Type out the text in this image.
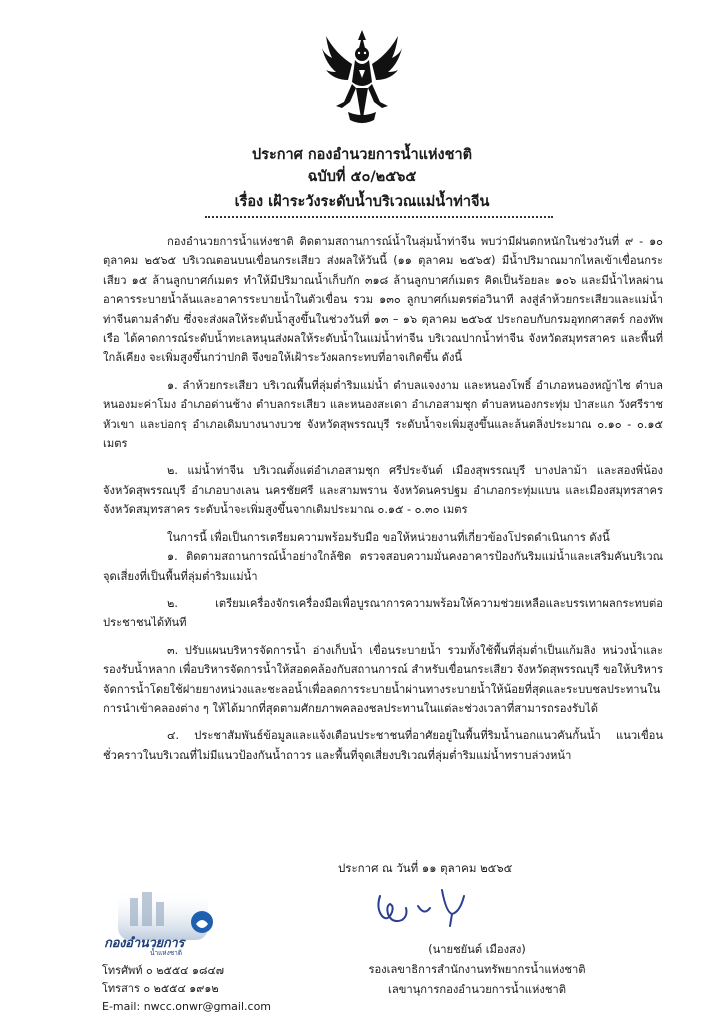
ประกาศ กองอำนวยการน้ำแห่งชาติ
ฉบับที่ ๕๐/๒๕๖๕
เรื่อง เฝ้าระวังระดับน้ำบริเวณแม่น้ำท่าจีน

กองอำนวยการน้ำแห่งชาติ ติดตามสถานการณ์น้ำในลุ่มน้ำท่าจีน พบว่ามีฝนตกหนักในช่วงวันที่ ๙ - ๑๐ ตุลาคม ๒๕๖๕ บริเวณตอนบนเขื่อนกระเสียว ส่งผลให้วันนี้ (๑๑ ตุลาคม ๒๕๖๕) มีน้ำปริมาณมากไหลเข้าเขื่อนกระเสียว ๑๕ ล้านลูกบาศก์เมตร ทำให้มีปริมาณน้ำเก็บกัก ๓๑๘ ล้านลูกบาศก์เมตร คิดเป็นร้อยละ ๑๐๖ และมีน้ำไหลผ่านอาคารระบายน้ำล้นและอาคารระบายน้ำในตัวเขื่อน รวม ๑๓๐ ลูกบาศก์เมตรต่อวินาที ลงสู่ลำห้วยกระเสียวและแม่น้ำท่าจีนตามลำดับ ซึ่งจะส่งผลให้ระดับน้ำสูงขึ้นในช่วงวันที่ ๑๓ – ๑๖ ตุลาคม ๒๕๖๕ ประกอบกับกรมอุทกศาสตร์ กองทัพเรือ ได้คาดการณ์ระดับน้ำทะเลหนุนส่งผลให้ระดับน้ำในแม่น้ำท่าจีน บริเวณปากน้ำท่าจีน จังหวัดสมุทรสาคร และพื้นที่ใกล้เคียง จะเพิ่มสูงขึ้นกว่าปกติ จึงขอให้เฝ้าระวังผลกระทบที่อาจเกิดขึ้น ดังนี้

๑. ลำห้วยกระเสียว บริเวณพื้นที่ลุ่มต่ำริมแม่น้ำ ตำบลแจงงาม และหนองโพธิ์ อำเภอหนองหญ้าไซ ตำบลหนองมะค่าโมง อำเภอด่านช้าง ตำบลกระเสียว และหนองสะเดา อำเภอสามชุก ตำบลหนองกระทุ่ม ป่าสะแก วังศรีราช หัวเขา และบ่อกรุ อำเภอเดิมบางนางบวช จังหวัดสุพรรณบุรี ระดับน้ำจะเพิ่มสูงขึ้นและล้นตลิ่งประมาณ ๐.๑๐ - ๐.๑๕ เมตร

๒. แม่น้ำท่าจีน บริเวณตั้งแต่อำเภอสามชุก ศรีประจันต์ เมืองสุพรรณบุรี บางปลาม้า และสองพี่น้อง จังหวัดสุพรรณบุรี อำเภอบางเลน นครชัยศรี และสามพราน จังหวัดนครปฐม อำเภอกระทุ่มแบน และเมืองสมุทรสาคร จังหวัดสมุทรสาคร ระดับน้ำจะเพิ่มสูงขึ้นจากเดิมประมาณ ๐.๑๕ - ๐.๓๐ เมตร

ในการนี้ เพื่อเป็นการเตรียมความพร้อมรับมือ ขอให้หน่วยงานที่เกี่ยวข้องโปรดดำเนินการ ดังนี้

๑. ติดตามสถานการณ์น้ำอย่างใกล้ชิด ตรวจสอบความมั่นคงอาคารป้องกันริมแม่น้ำและเสริมคันบริเวณจุดเสี่ยงที่เป็นพื้นที่ลุ่มต่ำริมแม่น้ำ

๒. เตรียมเครื่องจักรเครื่องมือเพื่อบูรณาการความพร้อมให้ความช่วยเหลือและบรรเทาผลกระทบต่อประชาชนได้ทันที

๓. ปรับแผนบริหารจัดการน้ำ อ่างเก็บน้ำ เขื่อนระบายน้ำ รวมทั้งใช้พื้นที่ลุ่มต่ำเป็นแก้มลิง หน่วงน้ำและรองรับน้ำหลาก เพื่อบริหารจัดการน้ำให้สอดคล้องกับสถานการณ์ สำหรับเขื่อนกระเสียว จังหวัดสุพรรณบุรี ขอให้บริหารจัดการน้ำโดยใช้ฝายยางหน่วงและชะลอน้ำเพื่อลดการระบายน้ำผ่านทางระบายน้ำให้น้อยที่สุดและระบบชลประทานในการนำเข้าคลองต่าง ๆ ให้ได้มากที่สุดตามศักยภาพคลองชลประทานในแต่ละช่วงเวลาที่สามารถรองรับได้

๔. ประชาสัมพันธ์ข้อมูลและแจ้งเตือนประชาชนที่อาศัยอยู่ในพื้นที่ริมน้ำนอกแนวคันกั้นน้ำ แนวเขื่อนชั่วคราวในบริเวณที่ไม่มีแนวป้องกันน้ำถาวร และพื้นที่จุดเสี่ยงบริเวณที่ลุ่มต่ำริมแม่น้ำทราบล่วงหน้า

ประกาศ ณ วันที่ ๑๑ ตุลาคม ๒๕๖๕
(นายชยันต์ เมืองสง)
รองเลขาธิการสำนักงานทรัพยากรน้ำแห่งชาติ
เลขานุการกองอำนวยการน้ำแห่งชาติ
กองอำนวยการ
น้ำแห่งชาติ
โทรศัพท์ ๐ ๒๕๕๔ ๑๘๔๗
โทรสาร ๐ ๒๕๕๔ ๑๙๑๒
E-mail: nwcc.onwr@gmail.com
